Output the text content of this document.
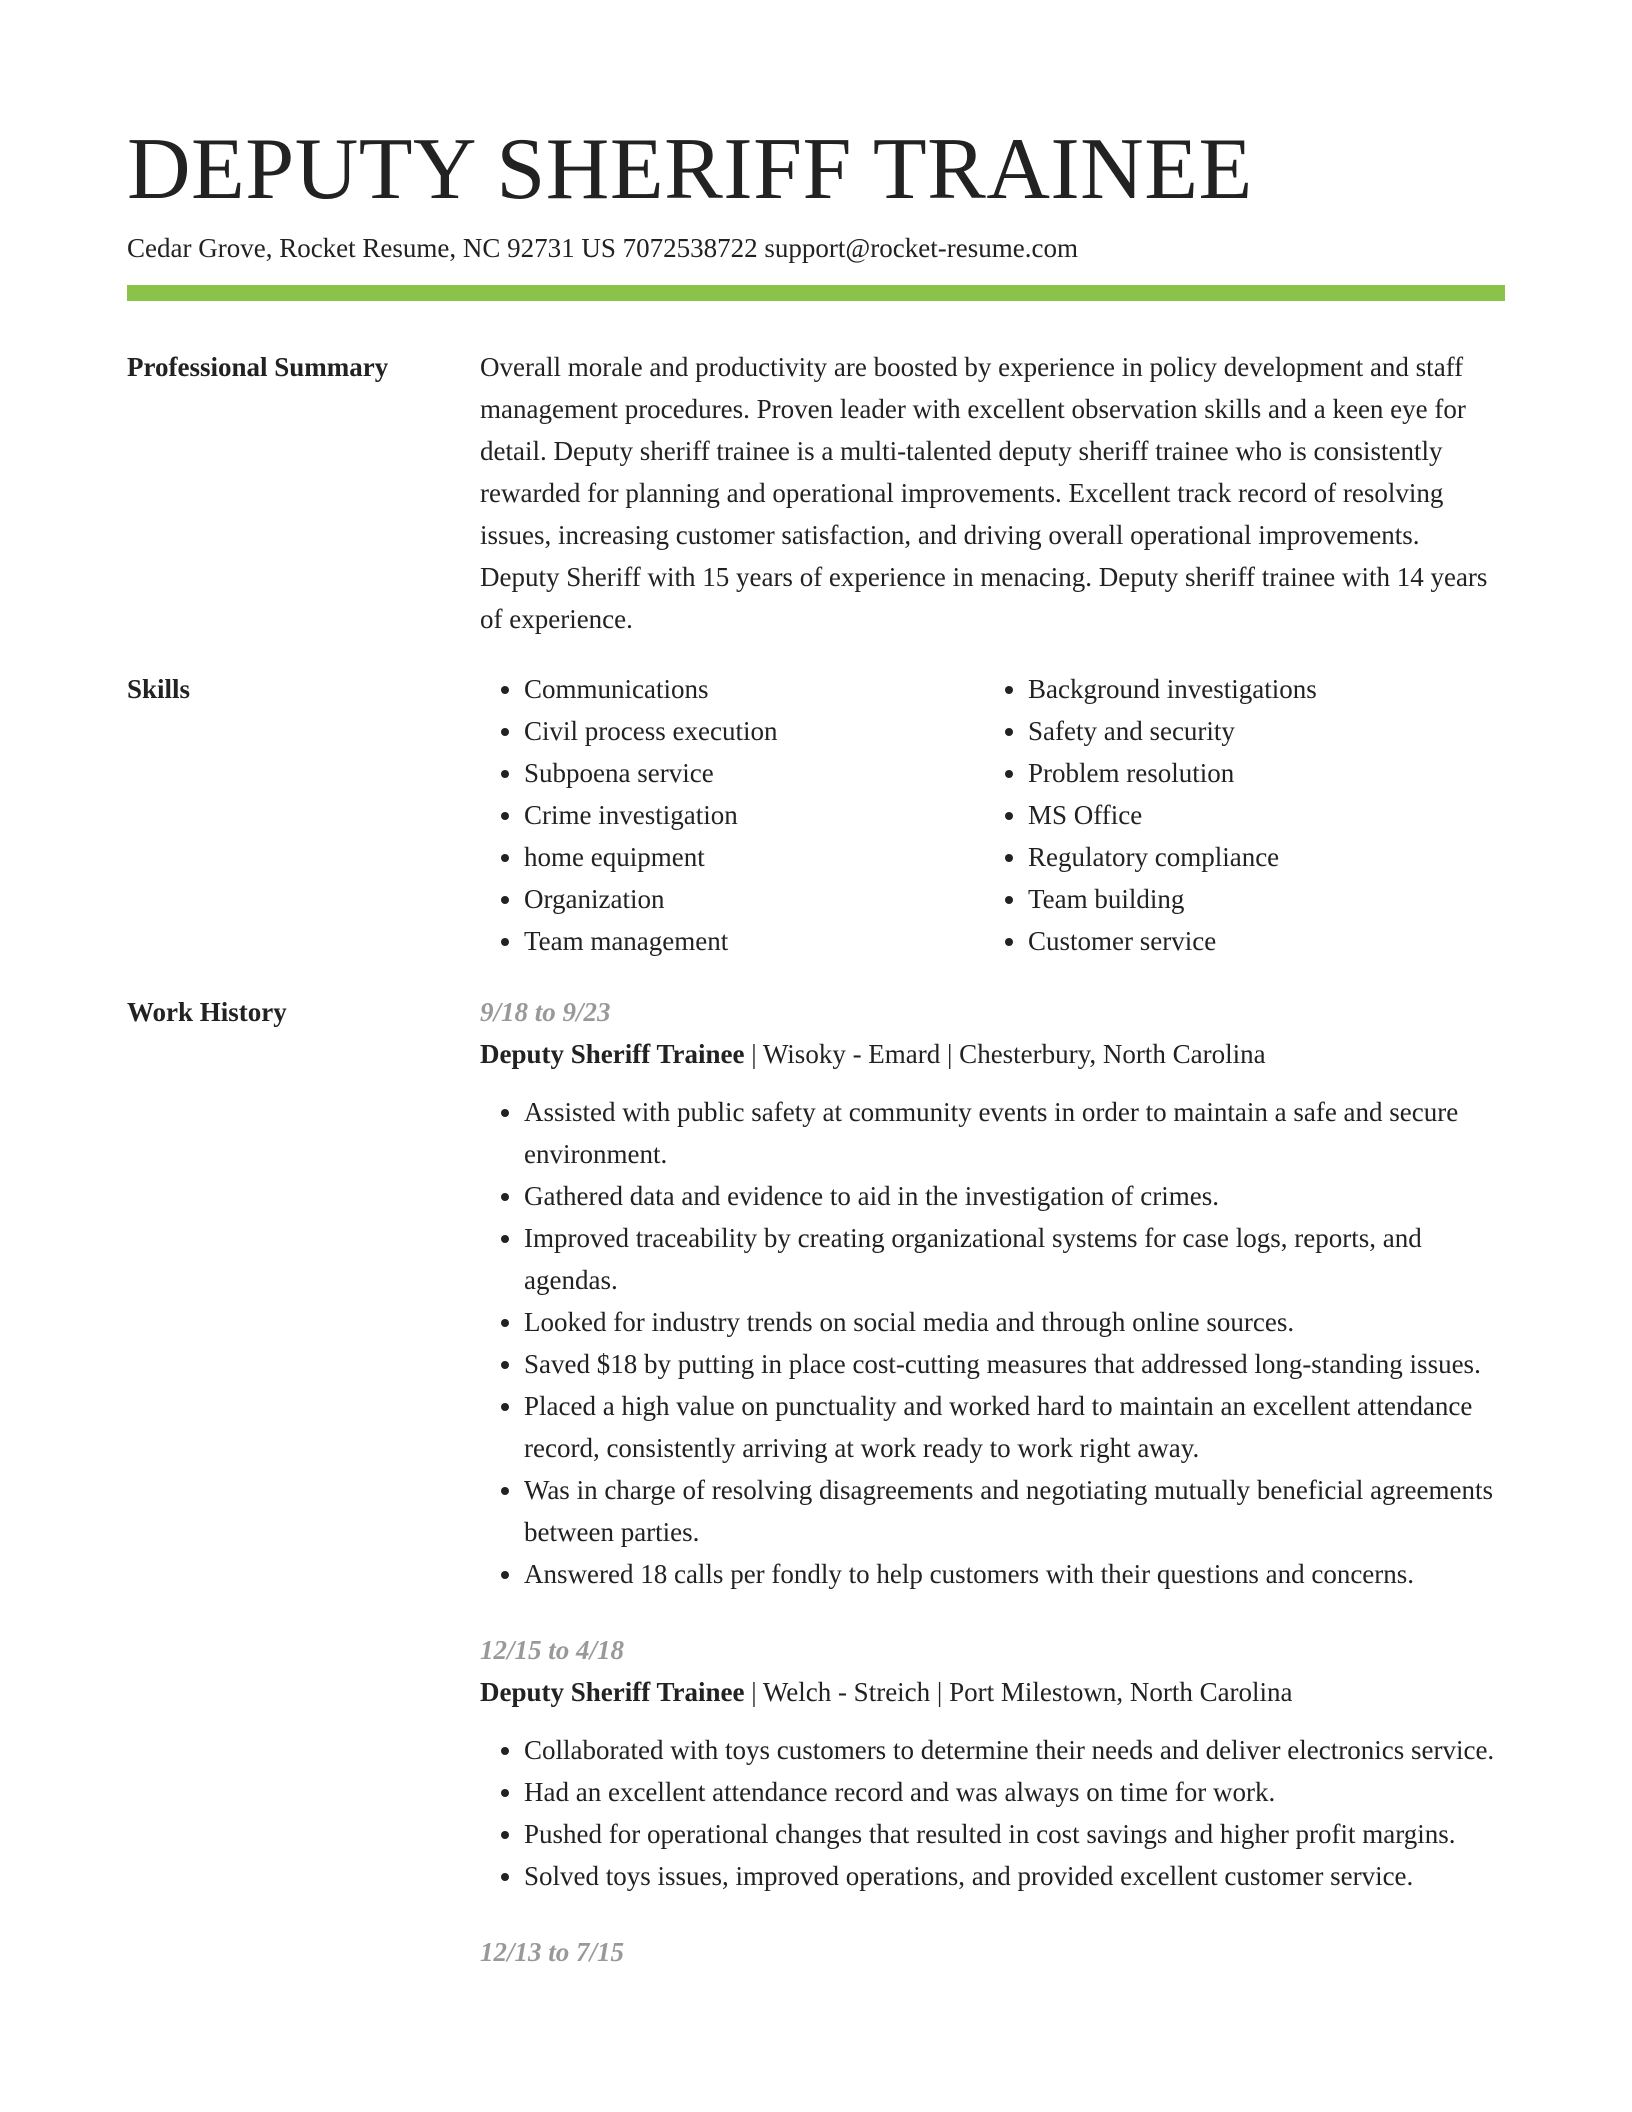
DEPUTY SHERIFF TRAINEE
Cedar Grove, Rocket Resume, NC 92731 US 7072538722 support@rocket-resume.com
Professional Summary	Overall morale and productivity are boosted by experience in policy development and staff management procedures. Proven leader with excellent observation skills and a keen eye for detail. Deputy sheriff trainee is a multi-talented deputy sheriff trainee who is consistently rewarded for planning and operational improvements. Excellent track record of resolving issues, increasing customer satisfaction, and driving overall operational improvements. Deputy Sheriff with 15 years of experience in menacing. Deputy sheriff trainee with 14 years of experience.

Skills
•	Communications
• Civil process execution
• Subpoena service
• Crime investigation
• home equipment
• Organization
• Team management
• Background investigations
• Safety and security
• Problem resolution
• MS Office
• Regulatory compliance
• Team building
• Customer service
Work History	9/18 to 9/23
Deputy Sheriff Trainee | Wisoky - Emard | Chesterbury, North Carolina
• Assisted with public safety at community events in order to maintain a safe and secure environment.
• Gathered data and evidence to aid in the investigation of crimes.
• Improved traceability by creating organizational systems for case logs, reports, and agendas.
• Looked for industry trends on social media and through online sources.
• Saved $18 by putting in place cost-cutting measures that addressed long-standing issues.
• Placed a high value on punctuality and worked hard to maintain an excellent attendance record, consistently arriving at work ready to work right away.
• Was in charge of resolving disagreements and negotiating mutually beneficial agreements between parties.
• Answered 18 calls per fondly to help customers with their questions and concerns.
12/15 to 4/18
Deputy Sheriff Trainee | Welch - Streich | Port Milestown, North Carolina
• Collaborated with toys customers to determine their needs and deliver electronics service.
• Had an excellent attendance record and was always on time for work.
• Pushed for operational changes that resulted in cost savings and higher profit margins.
• Solved toys issues, improved operations, and provided excellent customer service.
12/13 to 7/15
